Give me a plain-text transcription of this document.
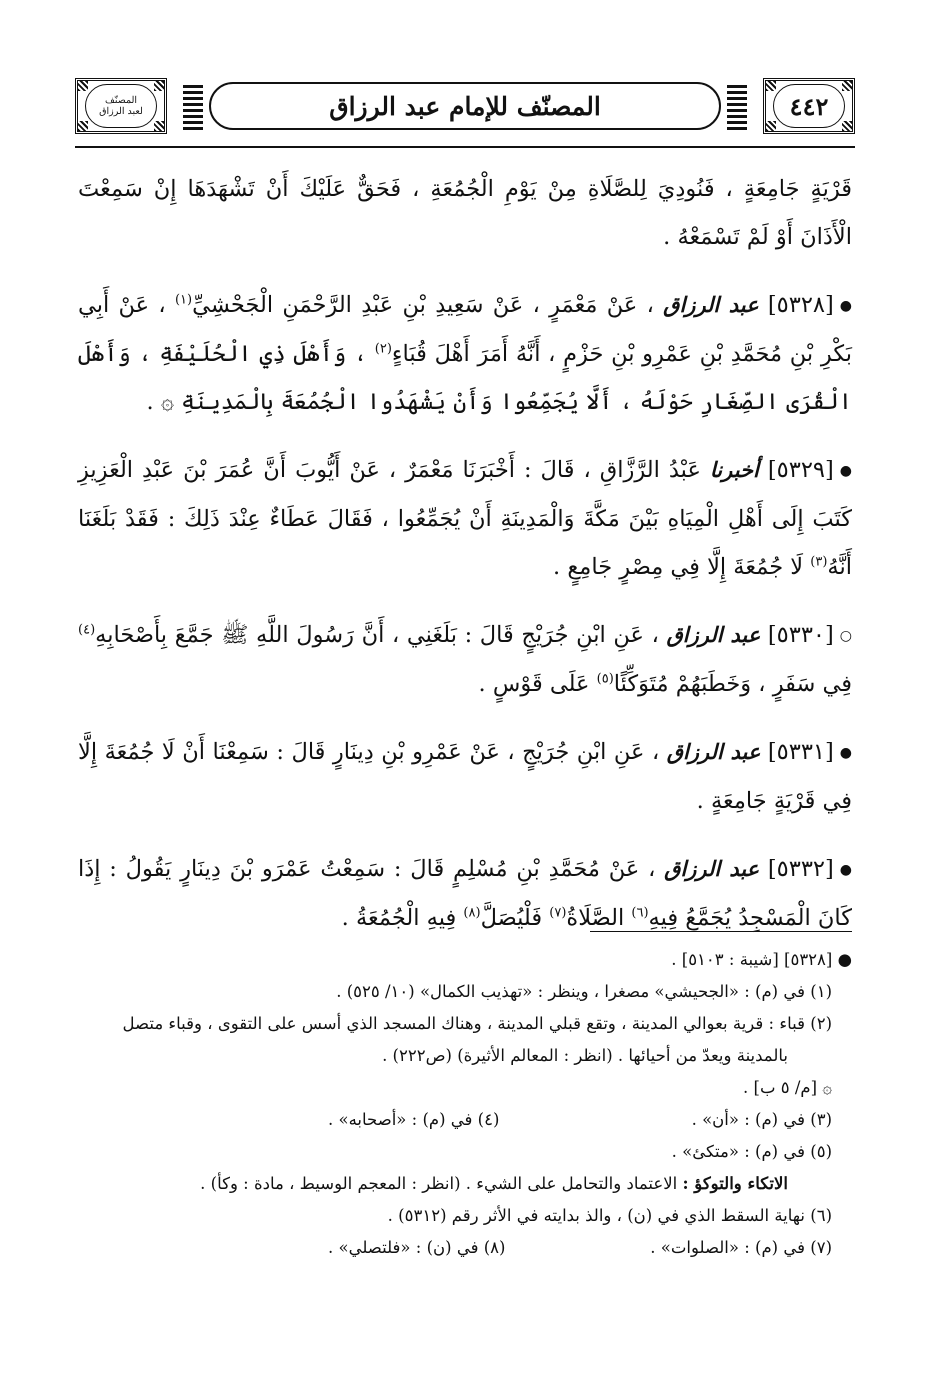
المصنّف
لعبد الرزاق	المصنّف للإمام عبد الرزاق	٤٤٢

قَرْيَةٍ جَامِعَةٍ ، فَنُودِيَ لِلصَّلَاةِ مِنْ يَوْمِ الْجُمُعَةِ ، فَحَقٌّ عَلَيْكَ أَنْ تَشْهَدَهَا إِنْ سَمِعْتَ الْأَذَانَ أَوْ لَمْ تَسْمَعْهُ .

●[٥٣٢٨] عبد الرزاق ، عَنْ مَعْمَرٍ ، عَنْ سَعِيدِ بْنِ عَبْدِ الرَّحْمَنِ الْجَحْشِيِّ$^{(١)}$ ، عَنْ أَبِي بَكْرِ بْنِ مُحَمَّدِ بْنِ عَمْرِو بْنِ حَزْمٍ ، أَنَّهُ أَمَرَ أَهْلَ قُبَاءٍ$^{(٢)}$ ، وَأَهْلَ ذِي الْحُلَيْفَةِ ، وَأَهْلَ الْقُرَى الصِّغَارِ حَوْلَهُ ، أَلَّا يُجَمِّعُوا وَأَنْ يَشْهَدُوا الْجُمُعَةَ بِالْمَدِينَةِ ۞ .

●[٥٣٢٩] أخبرنا عَبْدُ الرَّزَّاقِ ، قَالَ : أَخْبَرَنَا مَعْمَرٌ ، عَنْ أَيُّوبَ أَنَّ عُمَرَ بْنَ عَبْدِ الْعَزِيزِ كَتَبَ إِلَى أَهْلِ الْمِيَاهِ بَيْنَ مَكَّةَ وَالْمَدِينَةِ أَنْ يُجَمِّعُوا ، فَقَالَ عَطَاءٌ عِنْدَ ذَلِكَ : فَقَدْ بَلَغَنَا أَنَّهُ$^{(٣)}$ لَا جُمُعَةَ إِلَّا فِي مِصْرٍ جَامِعٍ .

○[٥٣٣٠] عبد الرزاق ، عَنِ ابْنِ جُرَيْجٍ قَالَ : بَلَغَنِي ، أَنَّ رَسُولَ اللَّهِ ﷺ جَمَّعَ بِأَصْحَابِهِ$^{(٤)}$ فِي سَفَرٍ ، وَخَطَبَهُمْ مُتَوَكِّئًا$^{(٥)}$ عَلَى قَوْسٍ .

●[٥٣٣١] عبد الرزاق ، عَنِ ابْنِ جُرَيْجٍ ، عَنْ عَمْرِو بْنِ دِينَارٍ قَالَ : سَمِعْنَا أَنْ لَا جُمُعَةَ إِلَّا فِي قَرْيَةٍ جَامِعَةٍ .

●[٥٣٣٢] عبد الرزاق ، عَنْ مُحَمَّدِ بْنِ مُسْلِمٍ قَالَ : سَمِعْتُ عَمْرَو بْنَ دِينَارٍ يَقُولُ : إِذَا كَانَ الْمَسْجِدُ يُجَمَّعُ فِيهِ$^{(٦)}$ الصَّلَاةُ$^{(٧)}$ فَلْيُصَلَّ$^{(٨)}$ فِيهِ الْجُمُعَةُ .

● [٥٣٢٨] [شيبة : ٥١٠٣] .

(١) في (م) : «الجحيشي» مصغرا ، وينظر : «تهذيب الكمال» (١٠/ ٥٢٥) .

(٢) قباء : قرية بعوالي المدينة ، وتقع قبلي المدينة ، وهناك المسجد الذي أسس على التقوى ، وقباء متصل

بالمدينة ويعدّ من أحيائها . (انظر : المعالم الأثيرة) (ص٢٢٢) .

۞ [م/ ٥ ب] .

(٣) في (م) : «أن» .
(٤) في (م) : «أصحابه» .

(٥) في (م) : «متكئ» .

الاتكاء والتوكؤ : الاعتماد والتحامل على الشيء . (انظر : المعجم الوسيط ، مادة : وكأ) .

(٦) نهاية السقط الذي في (ن) ، والذ بدايته في الأثر رقم (٥٣١٢) .

(٧) في (م) : «الصلوات» .
(٨) في (ن) : «فلتصلي» .
